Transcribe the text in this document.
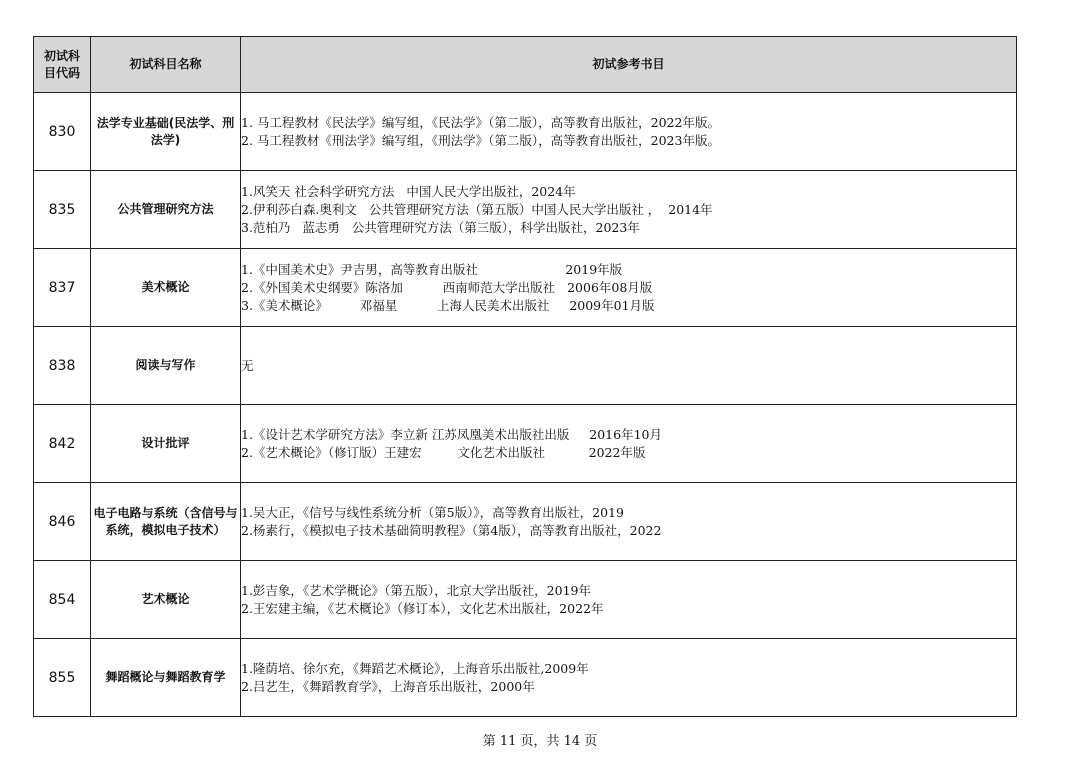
初试科
目代码	初试科目名称	初试参考书目
830	法学专业基础(民法学、刑法学)	1. 马工程教材《民法学》编写组，《民法学》（第二版），高等教育出版社，2022年版。
2. 马工程教材《刑法学》编写组，《刑法学》（第二版），高等教育出版社，2023年版。

835	公共管理研究方法	1.风笑天 社会科学研究方法   中国人民大学出版社，2024年
2.伊利莎白森.奥利文   公共管理研究方法（第五版）中国人民大学出版社 ，  2014年
3.范柏乃   蓝志勇   公共管理研究方法（第三版），科学出版社，2023年

837	美术概论	1.《中国美术史》尹吉男，高等教育出版社                      2019年版
2.《外国美术史纲要》陈洛加          西南师范大学出版社   2006年08月版
3.《美术概论》        邓福星          上海人民美术出版社     2009年01月版

838	阅读与写作	无

842	设计批评	1.《设计艺术学研究方法》李立新 江苏凤凰美术出版社出版     2016年10月
2.《艺术概论》（修订版）王建宏         文化艺术出版社           2022年版

846	电子电路与系统（含信号与系统，模拟电子技术）	1.吴大正，《信号与线性系统分析（第5版）》，高等教育出版社，2019
2.杨素行，《模拟电子技术基础简明教程》（第4版），高等教育出版社，2022

854	艺术概论	1.彭吉象，《艺术学概论》（第五版），北京大学出版社，2019年
2.王宏建主编，《艺术概论》（修订本），文化艺术出版社，2022年

855	舞蹈概论与舞蹈教育学	1.隆荫培、徐尔充，《舞蹈艺术概论》，上海音乐出版社,2009年
2.吕艺生，《舞蹈教育学》，上海音乐出版社，2000年
第 11 页，共 14 页
